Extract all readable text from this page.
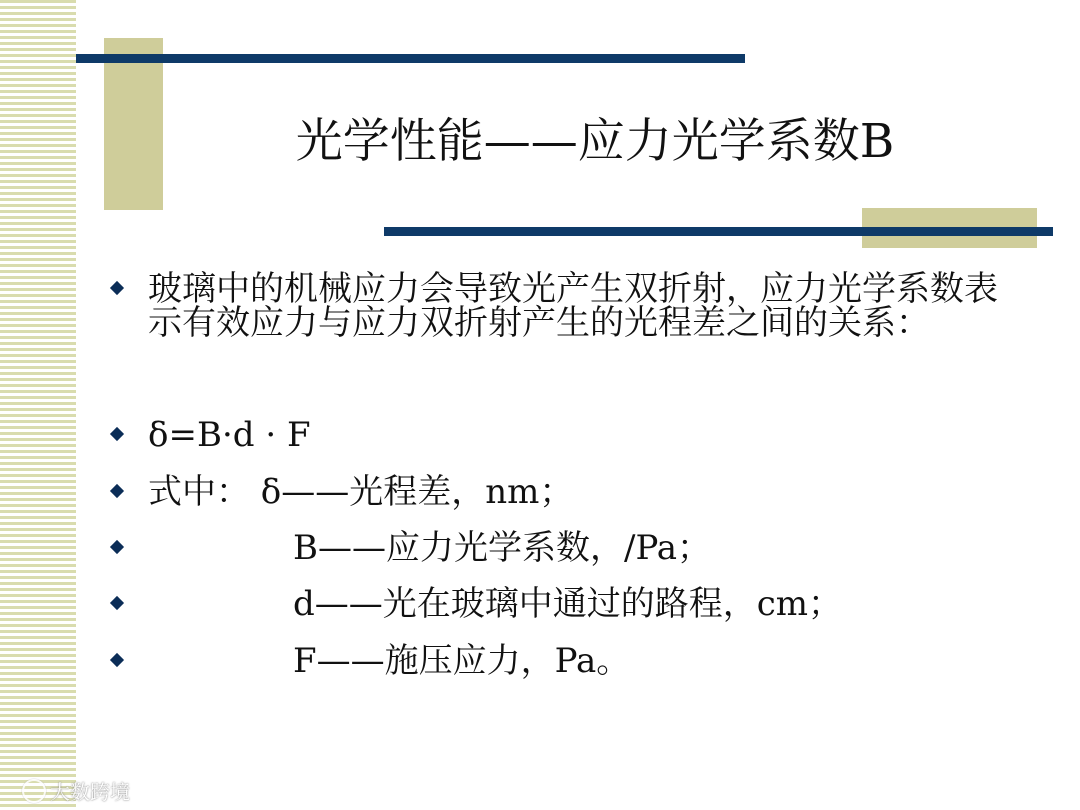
光学性能——应力光学系数B
玻璃中的机械应力会导致光产生双折射，应力光学系数表示有效应力与应力双折射产生的光程差之间的关系：
δ=B·d · F
式中： δ——光程差，nm；
B——应力光学系数，/Pa；
d——光在玻璃中通过的路程，cm；
F——施压应力，Pa。
大数跨境
